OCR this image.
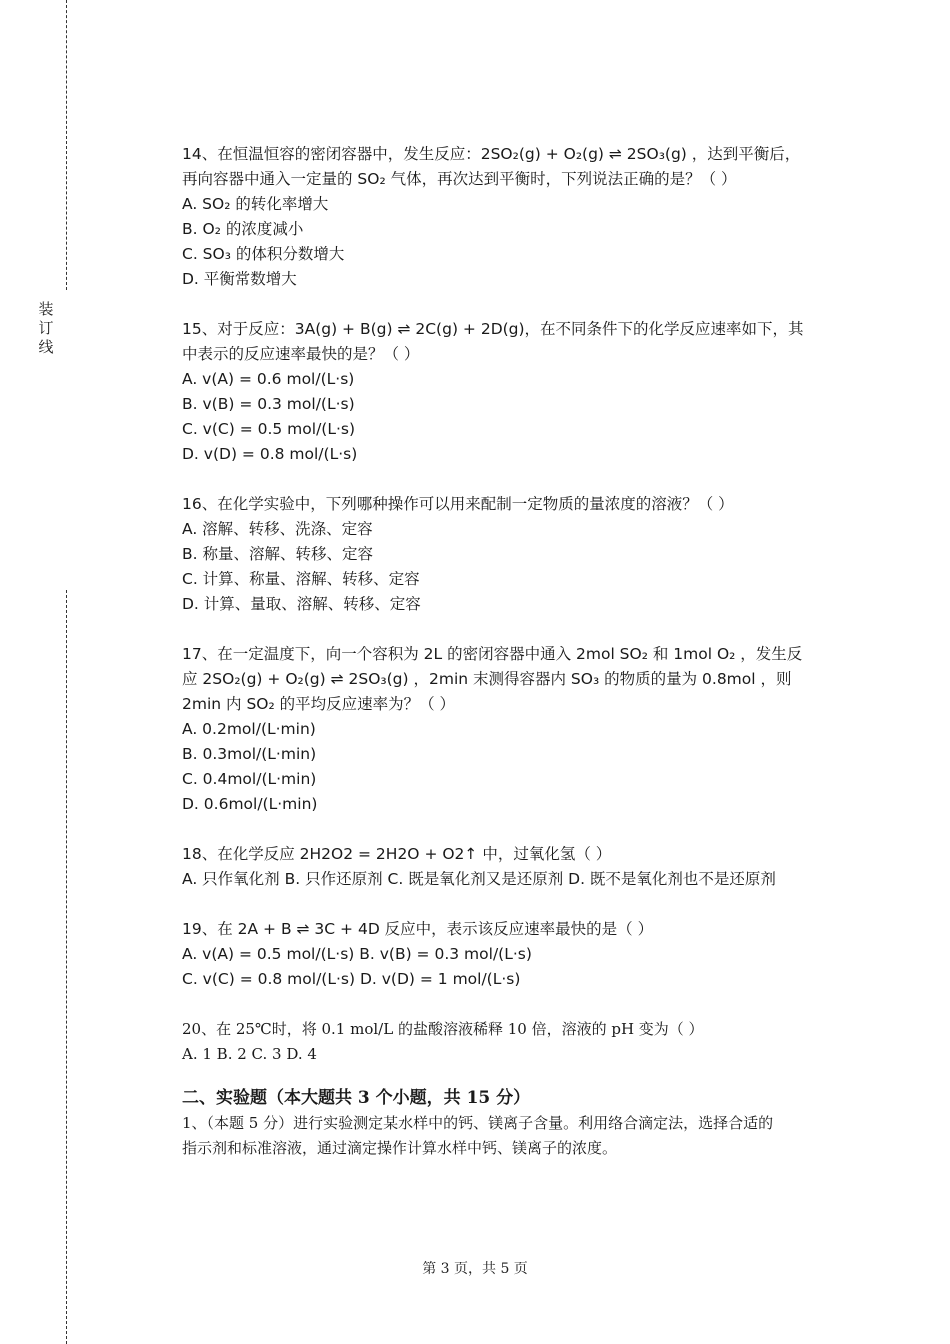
装订线
14、在恒温恒容的密闭容器中，发生反应：2SO₂(g) + O₂(g) ⇌ 2SO₃(g) ，达到平衡后，
再向容器中通入一定量的 SO₂ 气体，再次达到平衡时，下列说法正确的是？（ ）
A. SO₂ 的转化率增大
B. O₂ 的浓度减小
C. SO₃ 的体积分数增大
D. 平衡常数增大
15、对于反应：3A(g) + B(g) ⇌ 2C(g) + 2D(g)，在不同条件下的化学反应速率如下，其
中表示的反应速率最快的是？（ ）
A. v(A) = 0.6 mol/(L·s)
B. v(B) = 0.3 mol/(L·s)
C. v(C) = 0.5 mol/(L·s)
D. v(D) = 0.8 mol/(L·s)
16、在化学实验中，下列哪种操作可以用来配制一定物质的量浓度的溶液？（ ）
A. 溶解、转移、洗涤、定容
B. 称量、溶解、转移、定容
C. 计算、称量、溶解、转移、定容
D. 计算、量取、溶解、转移、定容
17、在一定温度下，向一个容积为 2L 的密闭容器中通入 2mol SO₂ 和 1mol O₂ ，发生反
应 2SO₂(g) + O₂(g) ⇌ 2SO₃(g) ，2min 末测得容器内 SO₃ 的物质的量为 0.8mol ，则
2min 内 SO₂ 的平均反应速率为？（ ）
A. 0.2mol/(L·min)
B. 0.3mol/(L·min)
C. 0.4mol/(L·min)
D. 0.6mol/(L·min)
18、在化学反应 2H2O2 = 2H2O + O2↑ 中，过氧化氢（ ）
A. 只作氧化剂 B. 只作还原剂 C. 既是氧化剂又是还原剂 D. 既不是氧化剂也不是还原剂
19、在 2A + B ⇌ 3C + 4D 反应中，表示该反应速率最快的是（ ）
A. v(A) = 0.5 mol/(L·s) B. v(B) = 0.3 mol/(L·s)
C. v(C) = 0.8 mol/(L·s) D. v(D) = 1 mol/(L·s)
20、在 25℃时，将 0.1 mol/L 的盐酸溶液稀释 10 倍，溶液的 pH 变为（ ）
A. 1 B. 2 C. 3 D. 4
二、实验题（本大题共 3 个小题，共 15 分）
1、（本题 5 分）进行实验测定某水样中的钙、镁离子含量。利用络合滴定法，选择合适的
指示剂和标准溶液，通过滴定操作计算水样中钙、镁离子的浓度。
第 3 页，共 5 页
